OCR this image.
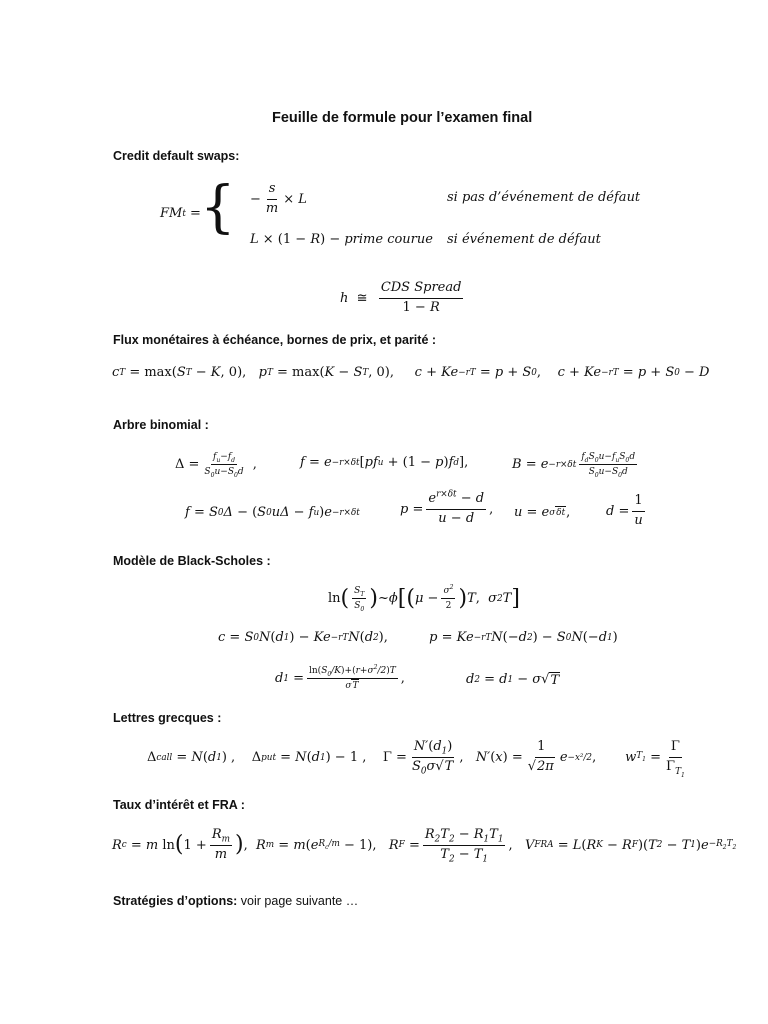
Feuille de formule pour l’examen final
Credit default swaps:
FM t
= { − $\frac{s}{m} \times L$	si pas d’événement de défaut
L × (1 − R ) − prime courue si événement de défaut
h ≅
$\frac{\text{CDS Spread}}{1 - R}$
Flux monétaires à échéance, bornes de prix, et parité :
c T
= max( S T
− K , 0), p T
= max( K − S T , 0), c + Ke −rT
= p + S 0 , c + Ke −rT
= p + S 0
− D
Arbre binomial :
$\Delta = \frac{f_u-f_d}{S_0u-S_0d}$
,	f = e −r×δt [ pf u
+ (1 − p ) f d ],	$B = e -r\times\delta t \frac{f_dS_0u-f_uS_0d}{S_0u-S_0d}$
f = S 0 Δ − ( S 0 uΔ − f u ) e −r×δt	$p = \frac{e^{r\times\delta t} - d}{u - d}$ , u = e σδt ,	$d = \frac{1}{u}$
Modèle de Black-Scholes :
ln ( $\frac{S_T}{S_0}$ ) ~ ϕ [ ( $\mu - \frac{\sigma^2}{2}$ ) T , σ 2 T ]
c = S 0 N ( d 1 ) − Ke −rT N ( d 2 ), p = Ke −rT N (− d 2 ) − S 0 N (− d 1 )
d 1
= $\frac{\ln(S_0/K)+(r+\sigma^2/2)T}{\sigma T}$ ,	d 2
= d 1
− σ √ T
Lettres grecques :
Δ call
= N ( d 1 ) ,
Δ put
= N ( d 1 ) − 1 ,
$\Gamma = \frac{N'(d_1)}{S_0\sigma√T}$ , N′ ( x ) = $\frac{1}{√2\pi}$ e −x²/2 , w $T_1$
= $\frac{\Gamma}{\Gamma_{T_1}}$
Taux d’intérêt et FRA :
R c
= m ln ( $1 + \frac{R_m}{m}$ ) , R m
= m ( e $R_c/m$
− 1), R F
= $\frac{R_2T_2 - R_1T_1}{T_2 - T_1}$ , V FRA
= L ( R K
− R F )( T 2
− T 1 ) $e -R_2T_2$
Stratégies d’options: voir page suivante …
